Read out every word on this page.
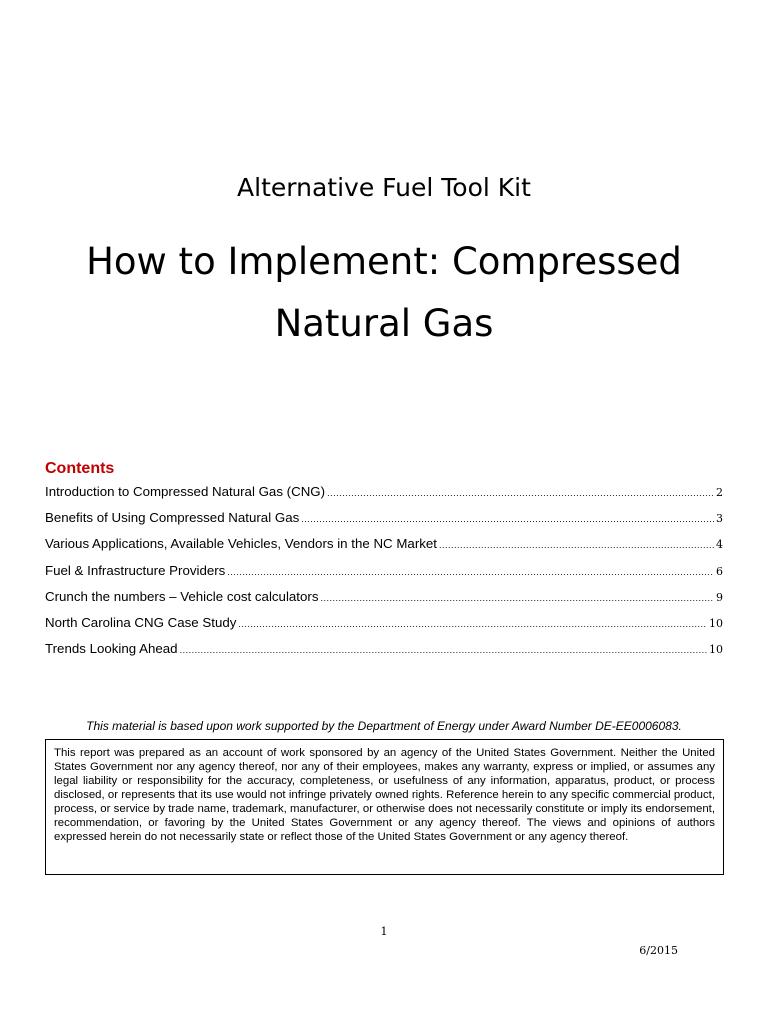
Alternative Fuel Tool Kit
How to Implement: Compressed
Natural Gas
Contents
Introduction to Compressed Natural Gas (CNG) .....	2
Benefits of Using Compressed Natural Gas .....	3
Various Applications, Available Vehicles, Vendors in the NC Market .....	4
Fuel & Infrastructure Providers .....	6
Crunch the numbers – Vehicle cost calculators .....	9
North Carolina CNG Case Study .....	10
Trends Looking Ahead .....	10
This material is based upon work supported by the Department of Energy under Award Number DE-EE0006083.
This report was prepared as an account of work sponsored by an agency of the United States Government. Neither the United States Government nor any agency thereof, nor any of their employees, makes any warranty, express or implied, or assumes any legal liability or responsibility for the accuracy, completeness, or usefulness of any information, apparatus, product, or process disclosed, or represents that its use would not infringe privately owned rights. Reference herein to any specific commercial product, process, or service by trade name, trademark, manufacturer, or otherwise does not necessarily constitute or imply its endorsement, recommendation, or favoring by the United States Government or any agency thereof. The views and opinions of authors expressed herein do not necessarily state or reflect those of the United States Government or any agency thereof.
1
6/2015
